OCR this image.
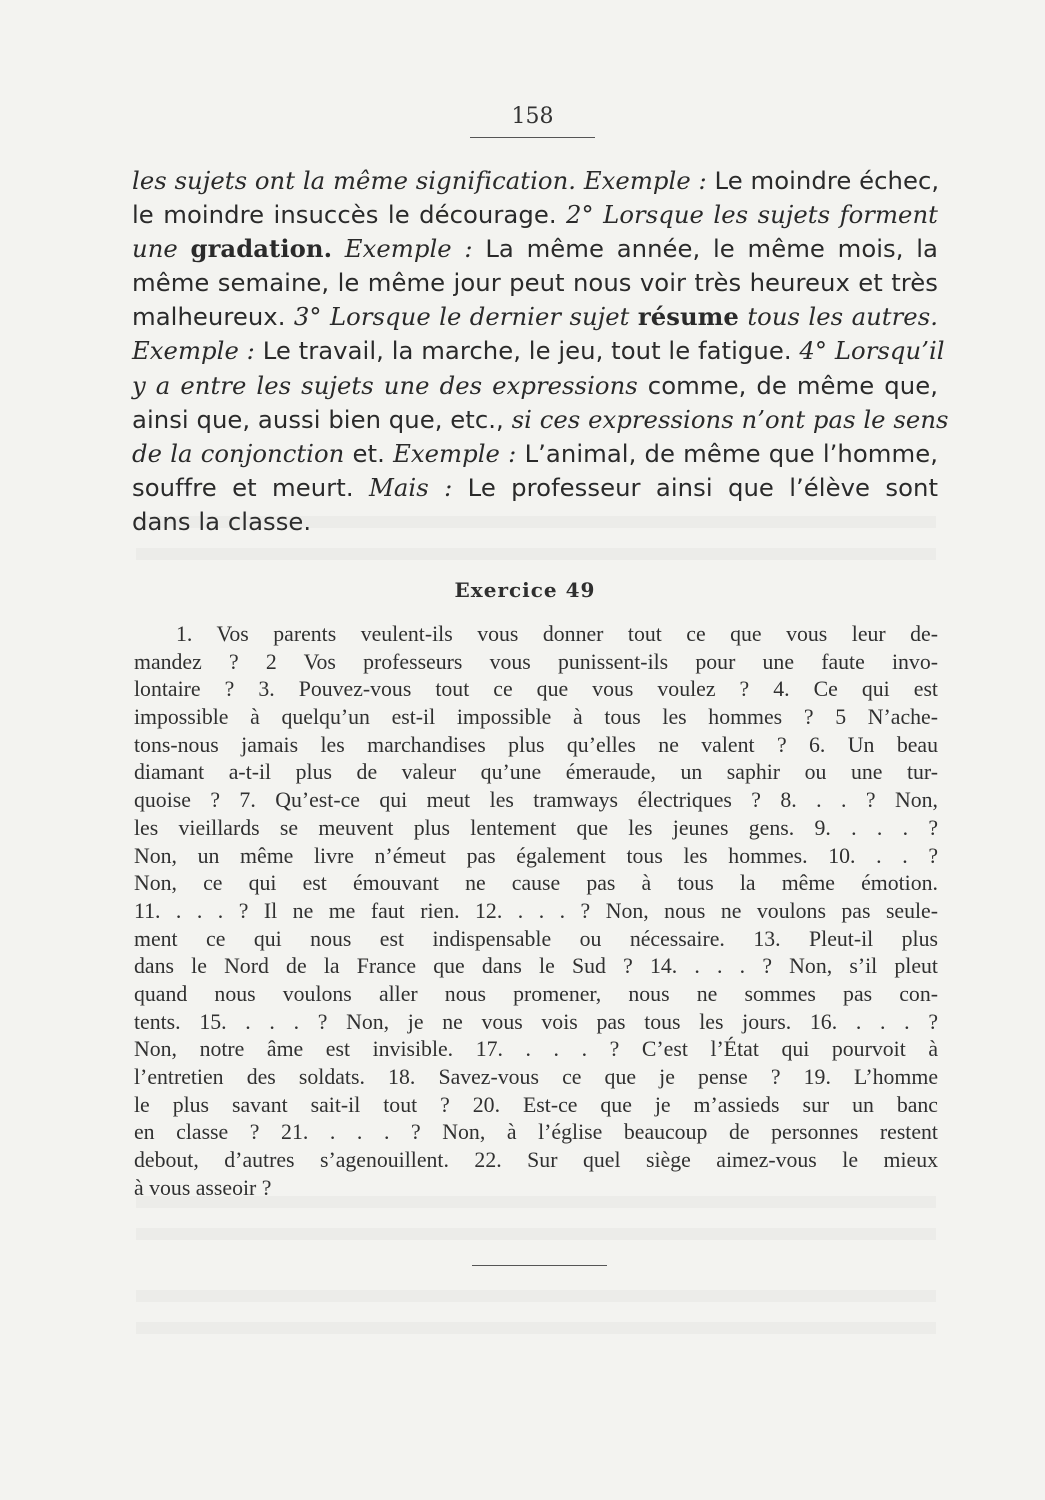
158
les sujets ont la même signification. Exemple : Le moindre échec,
le moindre insuccès le décourage. 2° Lorsque les sujets forment
une gradation. Exemple : La même année, le même mois, la
même semaine, le même jour peut nous voir très heureux et très
malheureux. 3° Lorsque le dernier sujet résume tous les autres.
Exemple : Le travail, la marche, le jeu, tout le fatigue. 4° Lorsqu’il
y a entre les sujets une des expressions comme, de même que,
ainsi que, aussi bien que, etc., si ces expressions n’ont pas le sens
de la conjonction et. Exemple : L’animal, de même que l’homme,
souffre et meurt. Mais : Le professeur ainsi que l’élève sont
dans la classe.
Exercice 49
1. Vos parents veulent-ils vous donner tout ce que vous leur de-
mandez ? 2 Vos professeurs vous punissent-ils pour une faute invo-
lontaire ? 3. Pouvez-vous tout ce que vous voulez ? 4. Ce qui est
impossible à quelqu’un est-il impossible à tous les hommes ? 5 N’ache-
tons-nous jamais les marchandises plus qu’elles ne valent ? 6. Un beau
diamant a-t-il plus de valeur qu’une émeraude, un saphir ou une tur-
quoise ? 7. Qu’est-ce qui meut les tramways électriques ? 8. . . ? Non,
les vieillards se meuvent plus lentement que les jeunes gens. 9. . . . ?
Non, un même livre n’émeut pas également tous les hommes. 10. . . ?
Non, ce qui est émouvant ne cause pas à tous la même émotion.
11. . . . ? Il ne me faut rien. 12. . . . ? Non, nous ne voulons pas seule-
ment ce qui nous est indispensable ou nécessaire. 13. Pleut-il plus
dans le Nord de la France que dans le Sud ? 14. . . . ? Non, s’il pleut
quand nous voulons aller nous promener, nous ne sommes pas con-
tents. 15. . . . ? Non, je ne vous vois pas tous les jours. 16. . . . ?
Non, notre âme est invisible. 17. . . . ? C’est l’État qui pourvoit à
l’entretien des soldats. 18. Savez-vous ce que je pense ? 19. L’homme
le plus savant sait-il tout ? 20. Est-ce que je m’assieds sur un banc
en classe ? 21. . . . ? Non, à l’église beaucoup de personnes restent
debout, d’autres s’agenouillent. 22. Sur quel siège aimez-vous le mieux
à vous asseoir ?
